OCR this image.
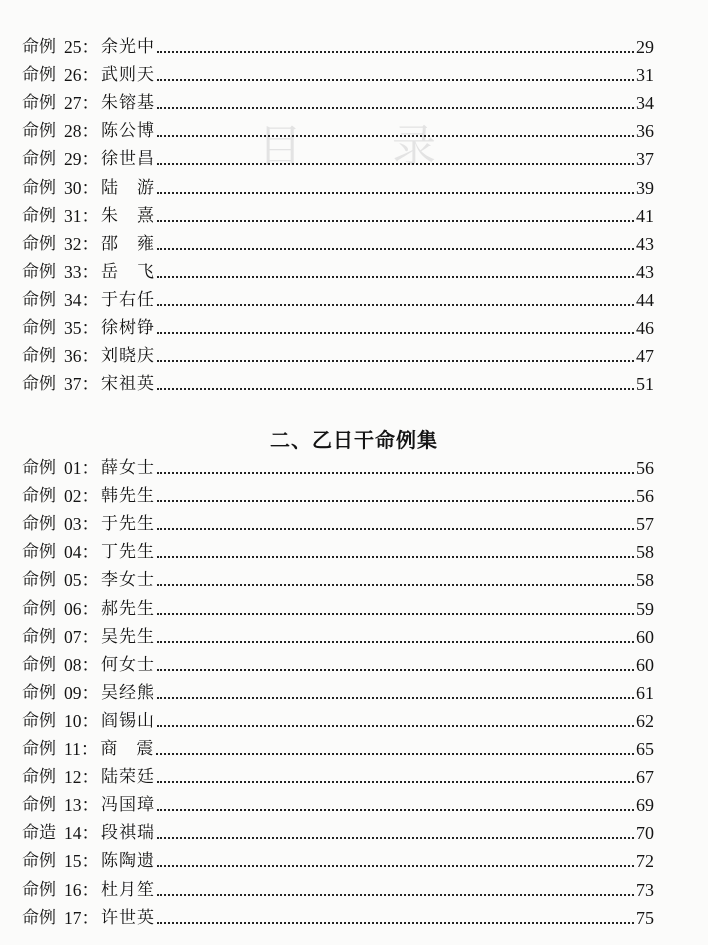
目录
命例 25： 余光中	29
命例 26： 武则天	31
命例 27： 朱镕基	34
命例 28： 陈公博	36
命例 29： 徐世昌	37
命例 30： 陆　游	39
命例 31： 朱　熹	41
命例 32： 邵　雍	43
命例 33： 岳　飞	43
命例 34： 于右任	44
命例 35： 徐树铮	46
命例 36： 刘晓庆	47
命例 37： 宋祖英	51
二、乙日干命例集
命例 01： 薛女士	56
命例 02： 韩先生	56
命例 03： 于先生	57
命例 04： 丁先生	58
命例 05： 李女士	58
命例 06： 郝先生	59
命例 07： 吴先生	60
命例 08： 何女士	60
命例 09： 吴经熊	61
命例 10： 阎锡山	62
命例 11： 商　震	65
命例 12： 陆荣廷	67
命例 13： 冯国璋	69
命造 14： 段祺瑞	70
命例 15： 陈陶遗	72
命例 16： 杜月笙	73
命例 17： 许世英	75
